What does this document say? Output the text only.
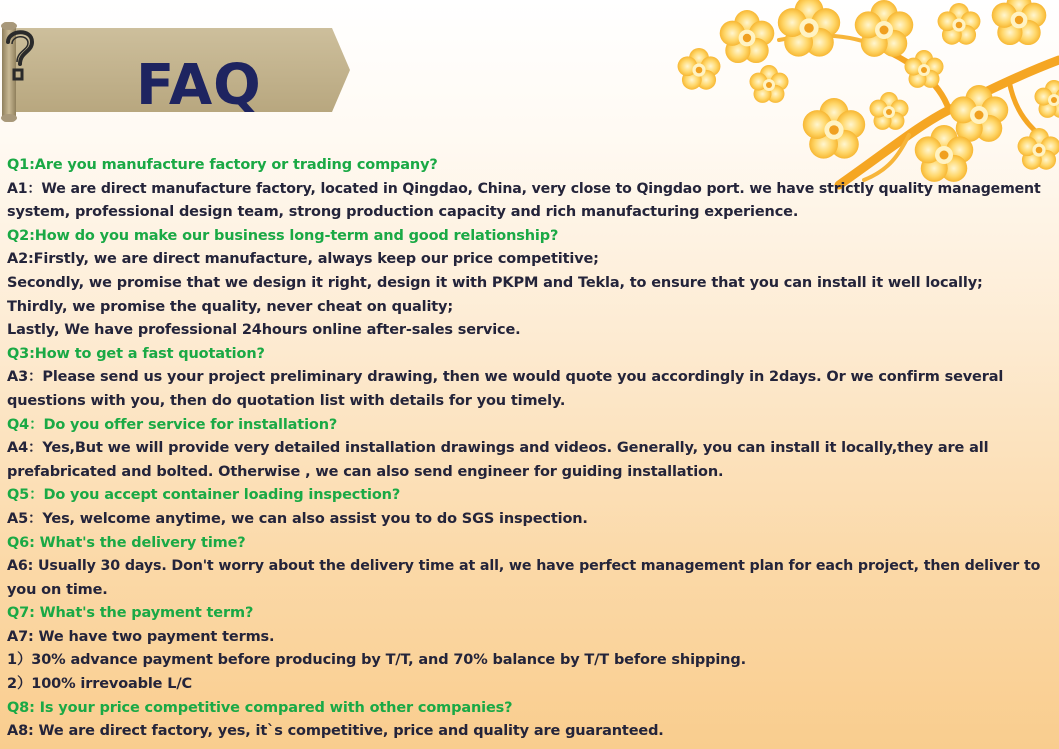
FAQ
Q1:Are you manufacture factory or trading company?
A1：We are direct manufacture factory, located in Qingdao, China, very close to Qingdao port. we have strictly quality management
system, professional design team, strong production capacity and rich manufacturing experience.
Q2:How do you make our business long-term and good relationship?
A2:Firstly, we are direct manufacture, always keep our price competitive;
Secondly, we promise that we design it right, design it with PKPM and Tekla, to ensure that you can install it well locally;
Thirdly, we promise the quality, never cheat on quality;
Lastly, We have professional 24hours online after-sales service.
Q3:How to get a fast quotation?
A3：Please send us your project preliminary drawing, then we would quote you accordingly in 2days. Or we confirm several
questions with you, then do quotation list with details for you timely.
Q4：Do you offer service for installation?
A4：Yes,But we will provide very detailed installation drawings and videos. Generally, you can install it locally,they are all
prefabricated and bolted. Otherwise , we can also send engineer for guiding installation.
Q5：Do you accept container loading inspection?
A5：Yes, welcome anytime, we can also assist you to do SGS inspection.
Q6: What's the delivery time?
A6: Usually 30 days. Don't worry about the delivery time at all, we have perfect management plan for each project, then deliver to
you on time.
Q7: What's the payment term?
A7: We have two payment terms.
1）30% advance payment before producing by T/T, and 70% balance by T/T before shipping.
2）100% irrevoable L/C
Q8: Is your price competitive compared with other companies?
A8: We are direct factory, yes, it`s competitive, price and quality are guaranteed.
